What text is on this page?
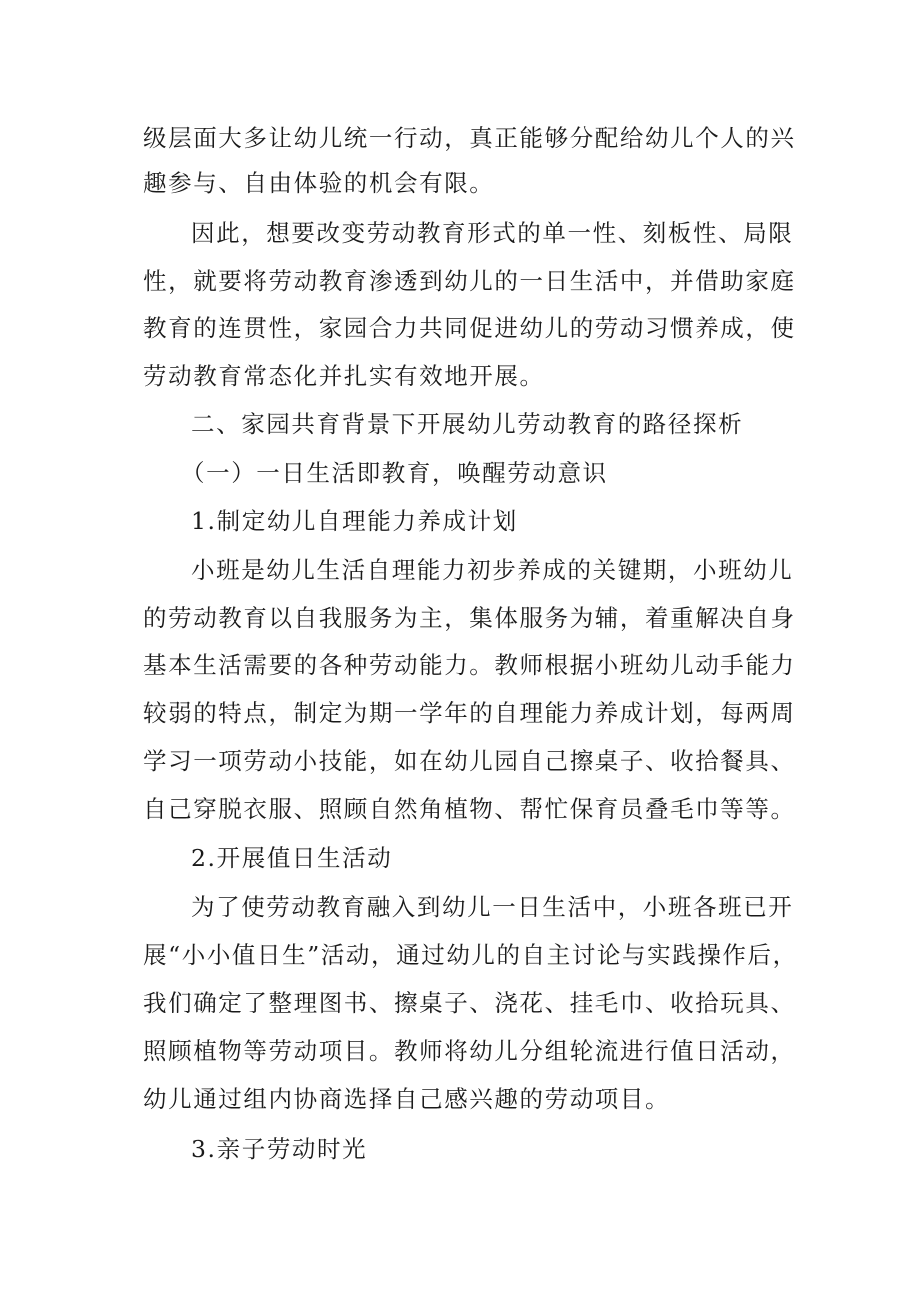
级层面大多让幼儿统一行动，真正能够分配给幼儿个人的兴
趣参与、自由体验的机会有限。
因此，想要改变劳动教育形式的单一性、刻板性、局限
性，就要将劳动教育渗透到幼儿的一日生活中，并借助家庭
教育的连贯性，家园合力共同促进幼儿的劳动习惯养成，使
劳动教育常态化并扎实有效地开展。
二、家园共育背景下开展幼儿劳动教育的路径探析
（一）一日生活即教育，唤醒劳动意识
1.制定幼儿自理能力养成计划
小班是幼儿生活自理能力初步养成的关键期，小班幼儿
的劳动教育以自我服务为主，集体服务为辅，着重解决自身
基本生活需要的各种劳动能力。教师根据小班幼儿动手能力
较弱的特点，制定为期一学年的自理能力养成计划，每两周
学习一项劳动小技能，如在幼儿园自己擦桌子、收拾餐具、
自己穿脱衣服、照顾自然角植物、帮忙保育员叠毛巾等等。
2.开展值日生活动
为了使劳动教育融入到幼儿一日生活中，小班各班已开
展“小小值日生”活动，通过幼儿的自主讨论与实践操作后，
我们确定了整理图书、擦桌子、浇花、挂毛巾、收拾玩具、
照顾植物等劳动项目。教师将幼儿分组轮流进行值日活动，
幼儿通过组内协商选择自己感兴趣的劳动项目。
3.亲子劳动时光
